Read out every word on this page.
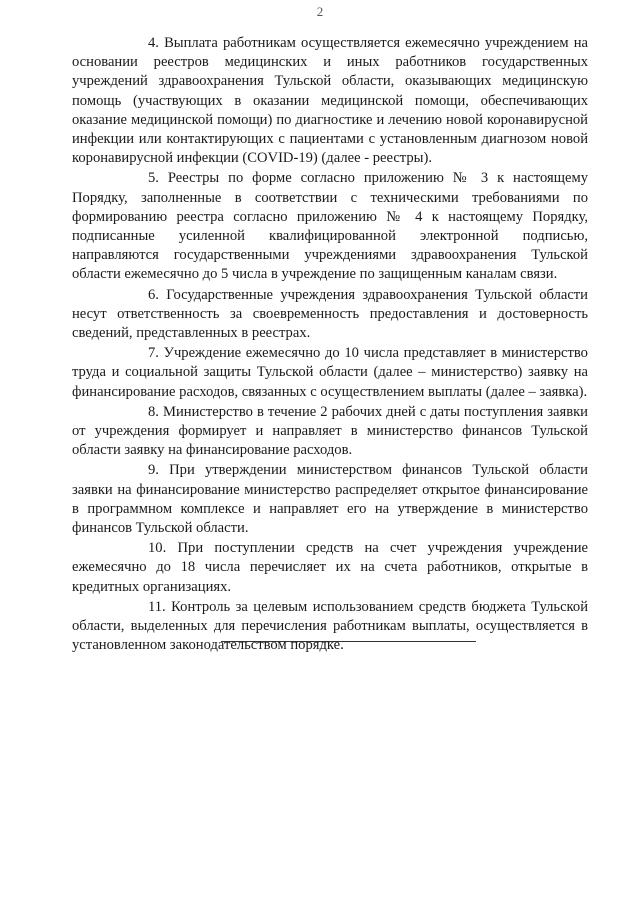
2

4. Выплата работникам осуществляется ежемесячно учреждением на основании реестров медицинских и иных работников государственных учреждений здравоохранения Тульской области, оказывающих медицинскую помощь (участвующих в оказании медицинской помощи, обеспечивающих оказание медицинской помощи) по диагностике и лечению новой коронавирусной инфекции или контактирующих с пациентами с установленным диагнозом новой коронавирусной инфекции (COVID-19) (далее - реестры).

5. Реестры по форме согласно приложению № 3 к настоящему Порядку, заполненные в соответствии с техническими требованиями по формированию реестра согласно приложению № 4 к настоящему Порядку, подписанные усиленной квалифицированной электронной подписью, направляются государственными учреждениями здравоохранения Тульской области ежемесячно до 5 числа в учреждение по защищенным каналам связи.

6. Государственные учреждения здравоохранения Тульской области несут ответственность за своевременность предоставления и достоверность сведений, представленных в реестрах.

7. Учреждение ежемесячно до 10 числа представляет в министерство труда и социальной защиты Тульской области (далее – министерство) заявку на финансирование расходов, связанных с осуществлением выплаты (далее – заявка).

8. Министерство в течение 2 рабочих дней с даты поступления заявки от учреждения формирует и направляет в министерство финансов Тульской области заявку на финансирование расходов.

9. При утверждении министерством финансов Тульской области заявки на финансирование министерство распределяет открытое финансирование в программном комплексе и направляет его на утверждение в министерство финансов Тульской области.

10. При поступлении средств на счет учреждения учреждение ежемесячно до 18 числа перечисляет их на счета работников, открытые в кредитных организациях.

11. Контроль за целевым использованием средств бюджета Тульской области, выделенных для перечисления работникам выплаты, осуществляется в установленном законодательством порядке.
